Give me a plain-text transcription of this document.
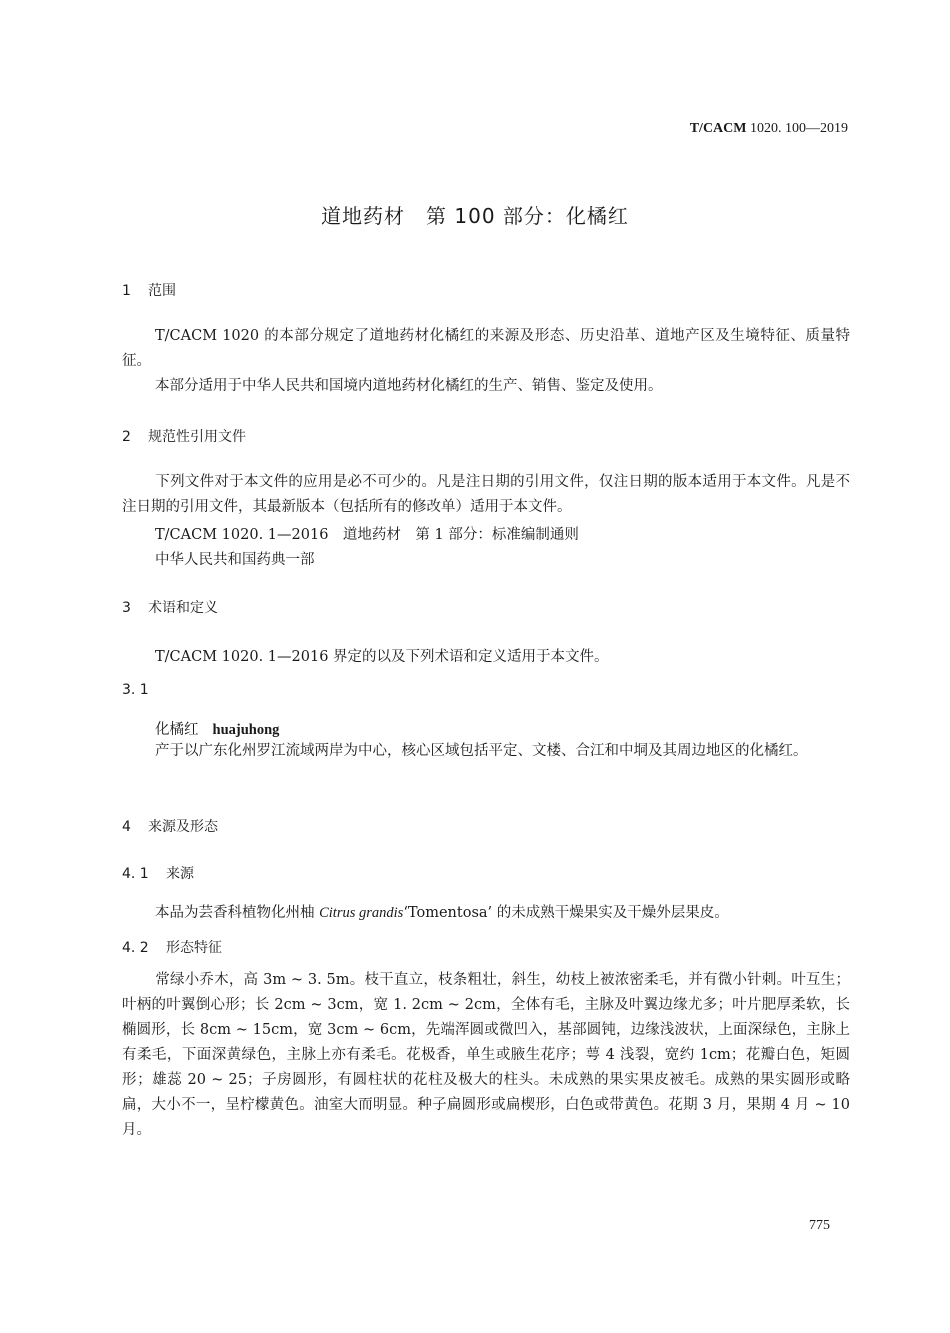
T/CACM 1020. 100—2019
道地药材　第 100 部分：化橘红
1 范围
T/CACM 1020 的本部分规定了道地药材化橘红的来源及形态、历史沿革、道地产区及生境特征、质量特征。
本部分适用于中华人民共和国境内道地药材化橘红的生产、销售、鉴定及使用。
2 规范性引用文件
下列文件对于本文件的应用是必不可少的。凡是注日期的引用文件，仅注日期的版本适用于本文件。凡是不注日期的引用文件，其最新版本（包括所有的修改单）适用于本文件。
T/CACM 1020. 1—2016　道地药材　第 1 部分：标准编制通则
中华人民共和国药典一部
3 术语和定义
T/CACM 1020. 1—2016 界定的以及下列术语和定义适用于本文件。
3. 1
化橘红 huajuhong
产于以广东化州罗江流域两岸为中心，核心区域包括平定、文楼、合江和中垌及其周边地区的化橘红。
4 来源及形态
4. 1 来源
本品为芸香科植物化州柚 Citrus grandis‘Tomentosa’ 的未成熟干燥果实及干燥外层果皮。
4. 2 形态特征
常绿小乔木，高 3m ~ 3. 5m。枝干直立，枝条粗壮，斜生，幼枝上被浓密柔毛，并有微小针刺。叶互生；叶柄的叶翼倒心形；长 2cm ~ 3cm，宽 1. 2cm ~ 2cm，全体有毛，主脉及叶翼边缘尤多；叶片肥厚柔软，长椭圆形，长 8cm ~ 15cm，宽 3cm ~ 6cm，先端浑圆或微凹入，基部圆钝，边缘浅波状，上面深绿色，主脉上有柔毛，下面深黄绿色，主脉上亦有柔毛。花极香，单生或腋生花序；萼 4 浅裂，宽约 1cm；花瓣白色，矩圆形；雄蕊 20 ~ 25；子房圆形，有圆柱状的花柱及极大的柱头。未成熟的果实果皮被毛。成熟的果实圆形或略扁，大小不一，呈柠檬黄色。油室大而明显。种子扁圆形或扁楔形，白色或带黄色。花期 3 月，果期 4 月 ~ 10 月。
775
